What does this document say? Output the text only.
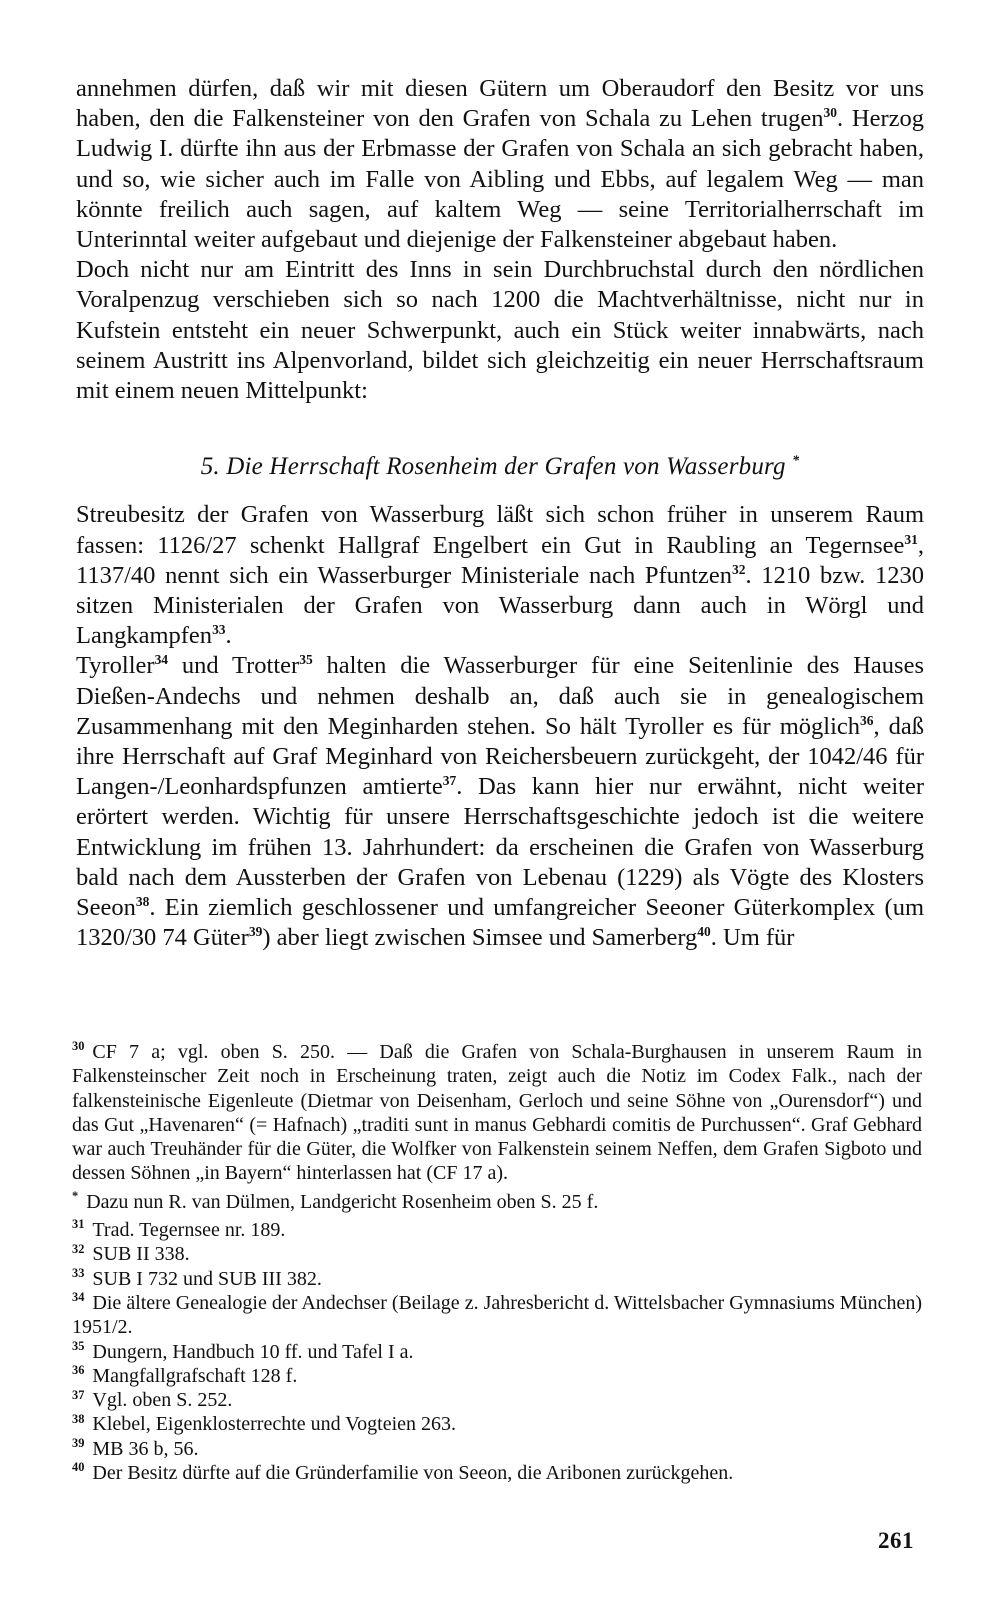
annehmen dürfen, daß wir mit diesen Gütern um Oberaudorf den Besitz vor uns haben, den die Falkensteiner von den Grafen von Schala zu Lehen trugen$^{30}$. Herzog Ludwig I. dürfte ihn aus der Erbmasse der Grafen von Schala an sich gebracht haben, und so, wie sicher auch im Falle von Aibling und Ebbs, auf legalem Weg — man könnte freilich auch sagen, auf kaltem Weg — seine Territorialherrschaft im Unterinntal weiter aufgebaut und diejenige der Falkensteiner abgebaut haben.

Doch nicht nur am Eintritt des Inns in sein Durchbruchstal durch den nördlichen Voralpenzug verschieben sich so nach 1200 die Machtverhältnisse, nicht nur in Kufstein entsteht ein neuer Schwerpunkt, auch ein Stück weiter innabwärts, nach seinem Austritt ins Alpenvorland, bildet sich gleichzeitig ein neuer Herrschaftsraum mit einem neuen Mittelpunkt:

5. Die Herrschaft Rosenheim der Grafen von Wasserburg *

Streubesitz der Grafen von Wasserburg läßt sich schon früher in unserem Raum fassen: 1126/27 schenkt Hallgraf Engelbert ein Gut in Raubling an Tegernsee$^{31}$, 1137/40 nennt sich ein Wasserburger Ministeriale nach Pfuntzen$^{32}$. 1210 bzw. 1230 sitzen Ministerialen der Grafen von Wasserburg dann auch in Wörgl und Langkampfen$^{33}$.

Tyroller$^{34}$ und Trotter$^{35}$ halten die Wasserburger für eine Seitenlinie des Hauses Dießen-Andechs und nehmen deshalb an, daß auch sie in genealogischem Zusammenhang mit den Meginharden stehen. So hält Tyroller es für möglich$^{36}$, daß ihre Herrschaft auf Graf Meginhard von Reichersbeuern zurückgeht, der 1042/46 für Langen-/Leonhardspfunzen amtierte$^{37}$. Das kann hier nur erwähnt, nicht weiter erörtert werden. Wichtig für unsere Herrschaftsgeschichte jedoch ist die weitere Entwicklung im frühen 13. Jahrhundert: da erscheinen die Grafen von Wasserburg bald nach dem Aussterben der Grafen von Lebenau (1229) als Vögte des Klosters Seeon$^{38}$. Ein ziemlich geschlossener und umfangreicher Seeoner Güterkomplex (um 1320/30 74 Güter$^{39}$) aber liegt zwischen Simsee und Samerberg$^{40}$. Um für

$^{30}$ CF 7 a; vgl. oben S. 250. — Daß die Grafen von Schala-Burghausen in unserem Raum in Falkensteinscher Zeit noch in Erscheinung traten, zeigt auch die Notiz im Codex Falk., nach der falkensteinische Eigenleute (Dietmar von Deisenham, Gerloch und seine Söhne von „Ourensdorf“) und das Gut „Havenaren“ (= Hafnach) „traditi sunt in manus Gebhardi comitis de Purchussen“. Graf Gebhard war auch Treuhänder für die Güter, die Wolfker von Falkenstein seinem Neffen, dem Grafen Sigboto und dessen Söhnen „in Bayern“ hinterlassen hat (CF 17 a).

* Dazu nun R. van Dülmen, Landgericht Rosenheim oben S. 25 f.

$^{31}$ Trad. Tegernsee nr. 189.

$^{32}$ SUB II 338.

$^{33}$ SUB I 732 und SUB III 382.

$^{34}$ Die ältere Genealogie der Andechser (Beilage z. Jahresbericht d. Wittelsbacher Gymnasiums München) 1951/2.

$^{35}$ Dungern, Handbuch 10 ff. und Tafel I a.

$^{36}$ Mangfallgrafschaft 128 f.

$^{37}$ Vgl. oben S. 252.

$^{38}$ Klebel, Eigenklosterrechte und Vogteien 263.

$^{39}$ MB 36 b, 56.

$^{40}$ Der Besitz dürfte auf die Gründerfamilie von Seeon, die Aribonen zurückgehen.

261
